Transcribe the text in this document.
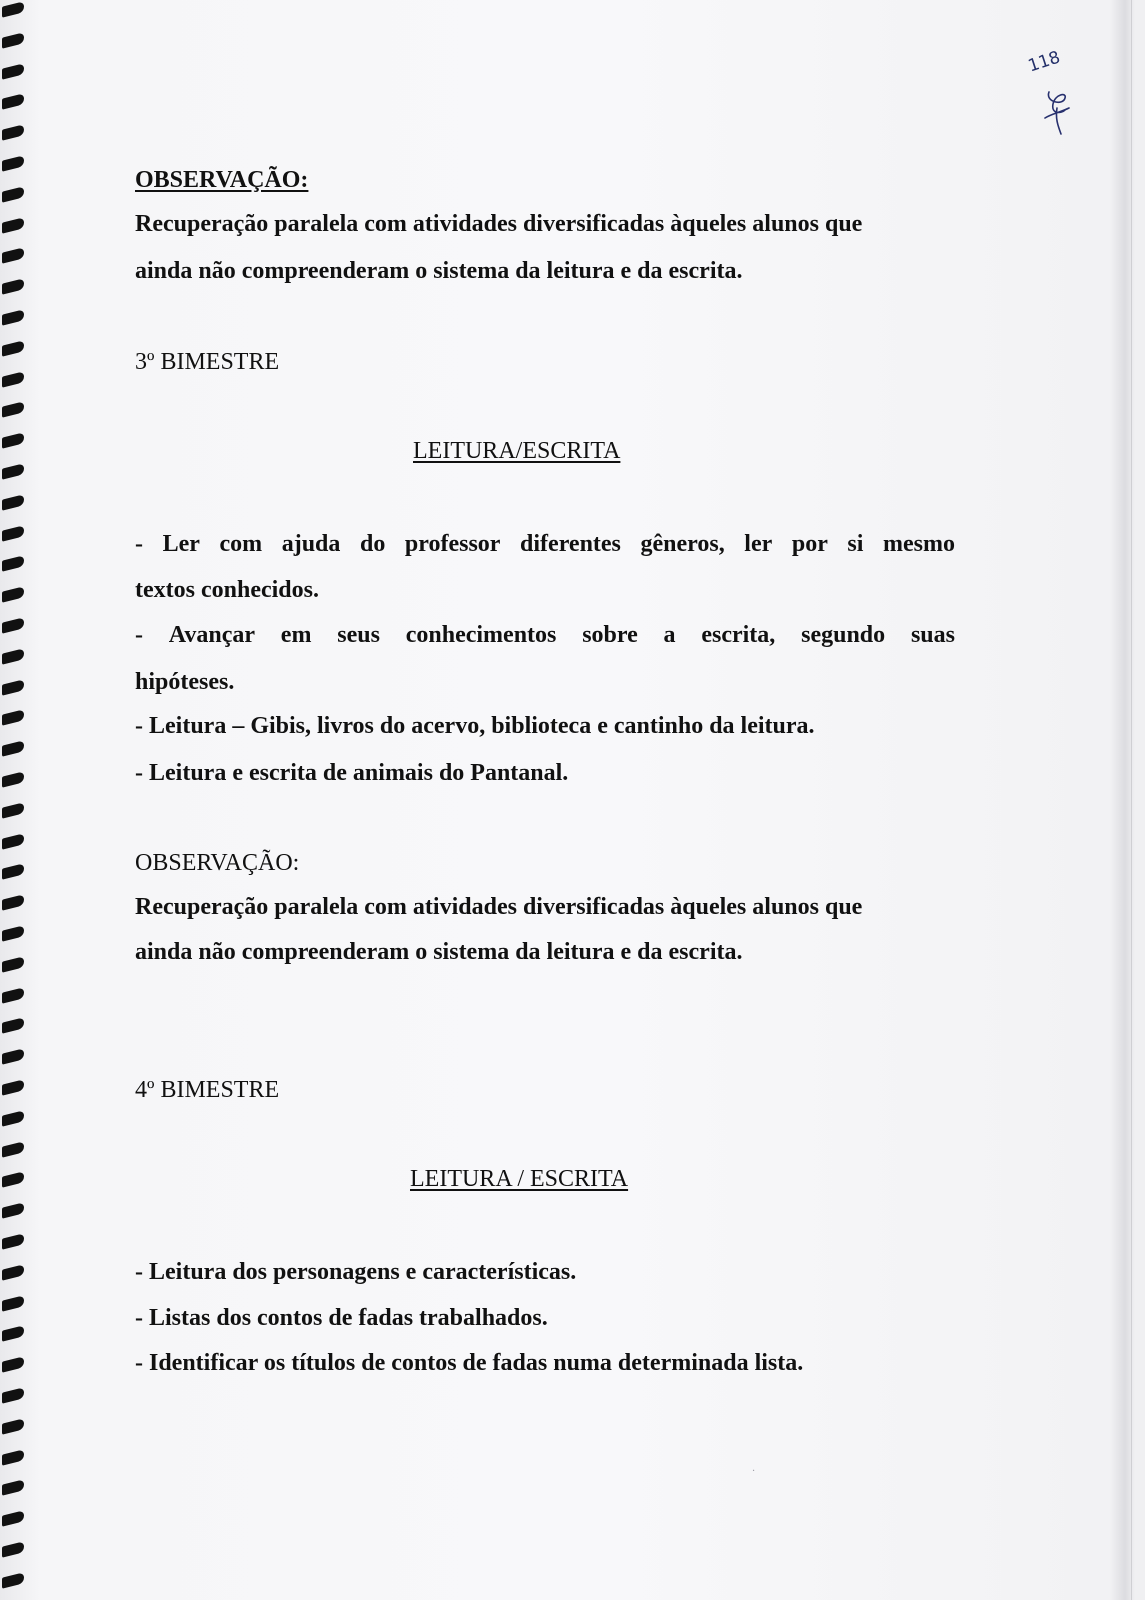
118
OBSERVAÇÃO:
Recuperação paralela com atividades diversificadas àqueles alunos que
ainda não compreenderam o sistema da leitura e da escrita.
3º BIMESTRE
LEITURA/ESCRITA
- Ler com ajuda do professor diferentes gêneros, ler por si mesmo
textos conhecidos.
- Avançar em seus conhecimentos sobre a escrita, segundo suas
hipóteses.
- Leitura – Gibis, livros do acervo, biblioteca e cantinho da leitura.
- Leitura e escrita de animais do Pantanal.
OBSERVAÇÃO:
Recuperação paralela com atividades diversificadas àqueles alunos que
ainda não compreenderam o sistema da leitura e da escrita.
4º BIMESTRE
LEITURA / ESCRITA
- Leitura dos personagens e características.
- Listas dos contos de fadas trabalhados.
- Identificar os títulos de contos de fadas numa determinada lista.
·
